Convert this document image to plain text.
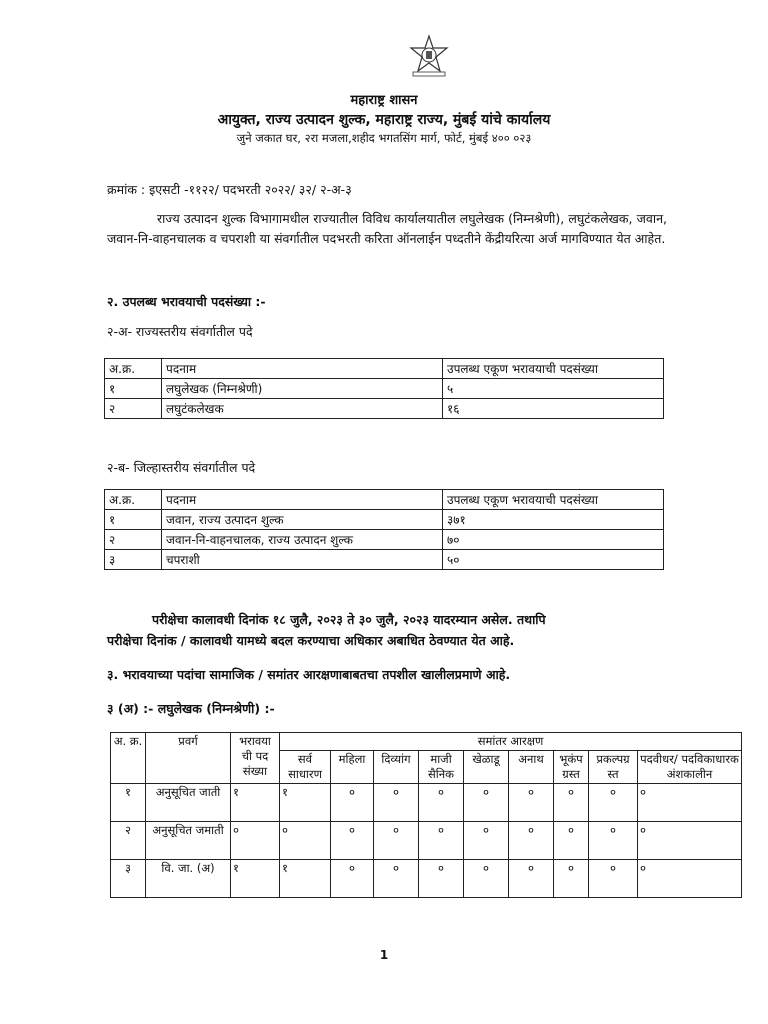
महाराष्ट्र शासन
आयुक्त, राज्य उत्पादन शुल्क, महाराष्ट्र राज्य, मुंबई यांचे कार्यालय
जुने जकात घर, २रा मजला,शहीद भगतसिंग मार्ग, फोर्ट, मुंबई ४०० ०२३
क्रमांक : इएसटी -११२२/ पदभरती २०२२/ ३२/ २-अ-३
राज्य उत्पादन शुल्क विभागामधील राज्यातील विविध कार्यालयातील लघुलेखक (निम्नश्रेणी), लघुटंकलेखक, जवान, जवान-नि-वाहनचालक व चपराशी या संवर्गातील पदभरती करिता ऑनलाईन पध्दतीने केंद्रीयरित्या अर्ज मागविण्यात येत आहेत.
२. उपलब्ध भरावयाची पदसंख्या :-
२-अ- राज्यस्तरीय संवर्गातील पदे
अ.क्र.	पदनाम	उपलब्ध एकूण भरावयाची पदसंख्या
१	लघुलेखक (निम्नश्रेणी)	५
२	लघुटंकलेखक	१६
२-ब- जिल्हास्तरीय संवर्गातील पदे
अ.क्र.	पदनाम	उपलब्ध एकूण भरावयाची पदसंख्या
१	जवान, राज्य उत्पादन शुल्क	३७१
२	जवान-नि-वाहनचालक, राज्य उत्पादन शुल्क	७०
३	चपराशी	५०
परीक्षेचा कालावधी दिनांक १८ जुलै, २०२३ ते ३० जुलै, २०२३ यादरम्यान असेल. तथापि
परीक्षेचा दिनांक / कालावधी यामध्ये बदल करण्याचा अधिकार अबाधित ठेवण्यात येत आहे.
३. भरावयाच्या पदांचा सामाजिक / समांतर आरक्षणाबाबतचा तपशील खालीलप्रमाणे आहे.
३ (अ) :- लघुलेखक (निम्नश्रेणी) :-
अ. क्र.	प्रवर्ग	भरावया ची पद संख्या	समांतर आरक्षण								
			सर्व साधारण	महिला	दिव्यांग	माजी सैनिक	खेळाडू	अनाथ	भूकंप ग्रस्त	प्रकल्पग्र स्त	पदवीधर/ पदविकाधारक अंशकालीन
१	अनुसूचित जाती	१	१	०	०	०	०	०	०	०	०
२	अनुसूचित जमाती	०	०	०	०	०	०	०	०	०	०
३	वि. जा. (अ)	१	१	०	०	०	०	०	०	०	०
1
